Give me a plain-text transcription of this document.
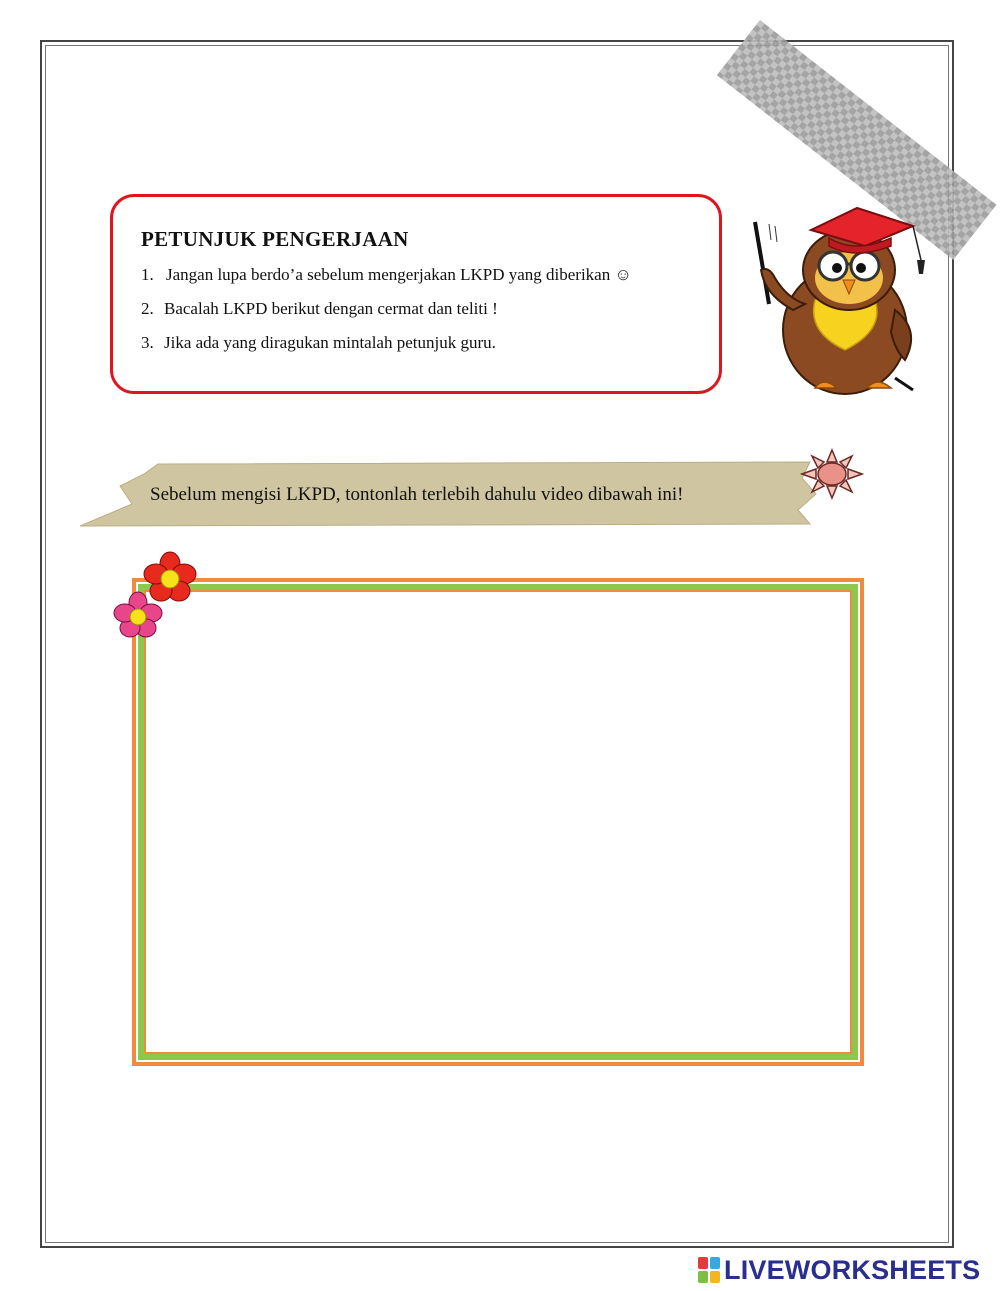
PETUNJUK PENGERJAAN
1. Jangan lupa berdo’a sebelum mengerjakan LKPD yang diberikan ☺
2. Bacalah LKPD berikut dengan cermat dan teliti !
3. Jika ada yang diragukan mintalah petunjuk guru.
Sebelum mengisi LKPD, tontonlah terlebih dahulu video dibawah ini!
LIVEWORKSHEETS
